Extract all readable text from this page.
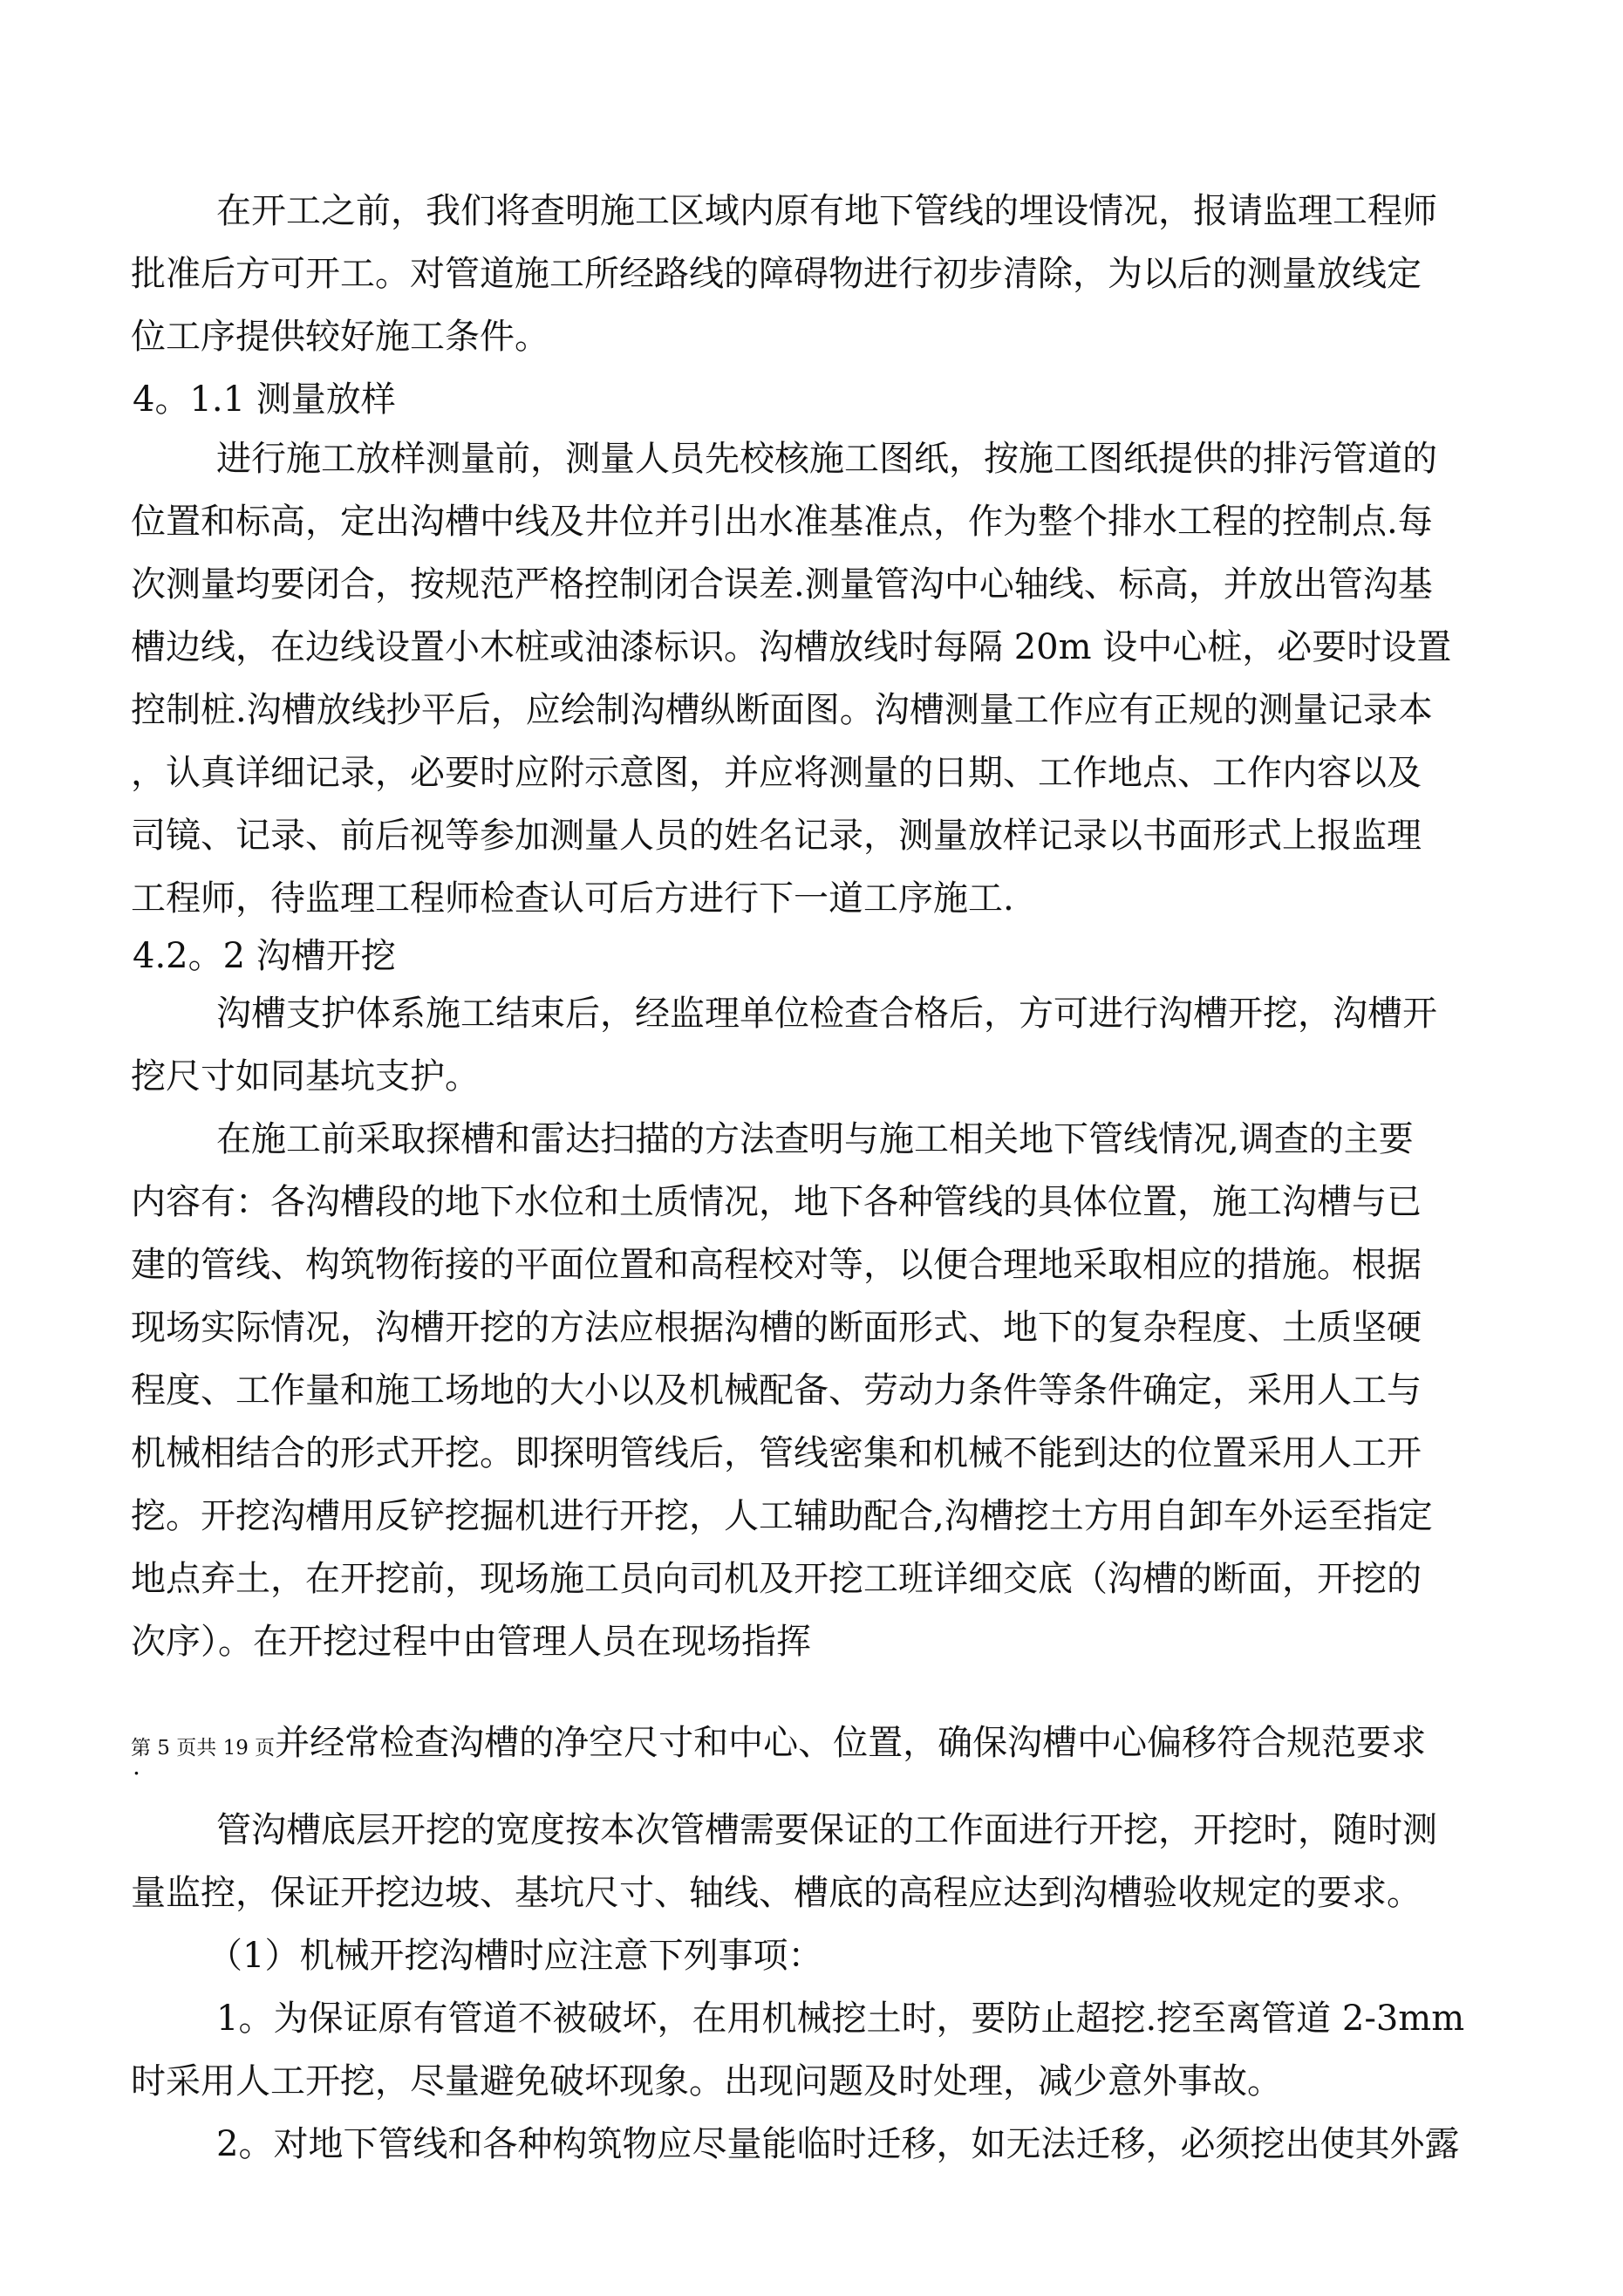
在开工之前，我们将查明施工区域内原有地下管线的埋设情况，报请监理工程师

批准后方可开工。对管道施工所经路线的障碍物进行初步清除，为以后的测量放线定

位工序提供较好施工条件。

4。1.1 测量放样

进行施工放样测量前，测量人员先校核施工图纸，按施工图纸提供的排污管道的

位置和标高，定出沟槽中线及井位并引出水准基准点，作为整个排水工程的控制点.每

次测量均要闭合，按规范严格控制闭合误差.测量管沟中心轴线、标高，并放出管沟基

槽边线，在边线设置小木桩或油漆标识。沟槽放线时每隔 20m 设中心桩，必要时设置

控制桩.沟槽放线抄平后，应绘制沟槽纵断面图。沟槽测量工作应有正规的测量记录本

，认真详细记录，必要时应附示意图，并应将测量的日期、工作地点、工作内容以及

司镜、记录、前后视等参加测量人员的姓名记录，测量放样记录以书面形式上报监理

工程师，待监理工程师检查认可后方进行下一道工序施工.

4.2。2 沟槽开挖

沟槽支护体系施工结束后，经监理单位检查合格后，方可进行沟槽开挖，沟槽开

挖尺寸如同基坑支护。

在施工前采取探槽和雷达扫描的方法查明与施工相关地下管线情况,调查的主要

内容有：各沟槽段的地下水位和土质情况，地下各种管线的具体位置，施工沟槽与已

建的管线、构筑物衔接的平面位置和高程校对等，以便合理地采取相应的措施。根据

现场实际情况，沟槽开挖的方法应根据沟槽的断面形式、地下的复杂程度、土质坚硬

程度、工作量和施工场地的大小以及机械配备、劳动力条件等条件确定，采用人工与

机械相结合的形式开挖。即探明管线后，管线密集和机械不能到达的位置采用人工开

挖。开挖沟槽用反铲挖掘机进行开挖，人工辅助配合,沟槽挖土方用自卸车外运至指定

地点弃土，在开挖前，现场施工员向司机及开挖工班详细交底（沟槽的断面，开挖的

次序）。在开挖过程中由管理人员在现场指挥

第 5 页共 19 页并经常检查沟槽的净空尺寸和中心、位置，确保沟槽中心偏移符合规范要求
.

管沟槽底层开挖的宽度按本次管槽需要保证的工作面进行开挖，开挖时，随时测

量监控，保证开挖边坡、基坑尺寸、轴线、槽底的高程应达到沟槽验收规定的要求。

（1）机械开挖沟槽时应注意下列事项：

1。为保证原有管道不被破坏，在用机械挖土时，要防止超挖.挖至离管道 2-3mm

时采用人工开挖，尽量避免破坏现象。出现问题及时处理，减少意外事故。

2。对地下管线和各种构筑物应尽量能临时迁移，如无法迁移，必须挖出使其外露
